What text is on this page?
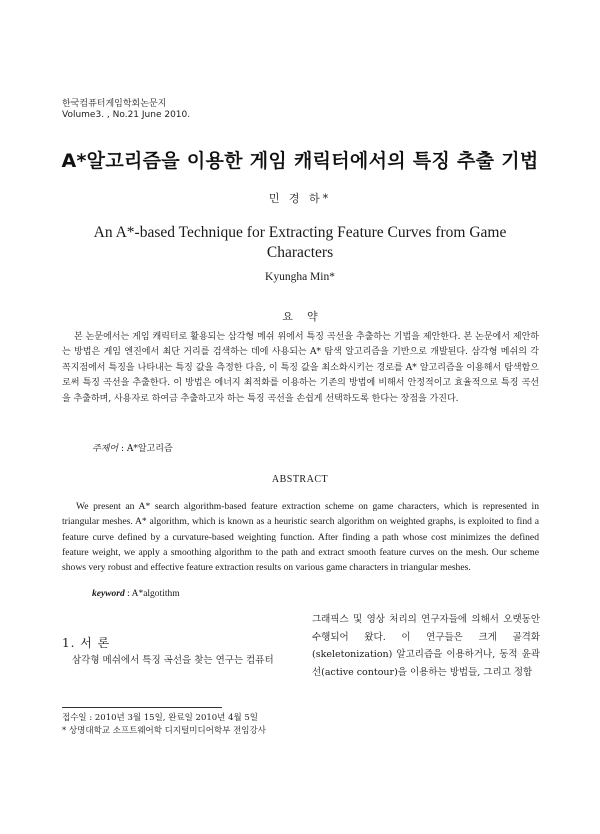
한국컴퓨터게임학회논문지
Volume3. , No.21 June 2010.
A*알고리즘을 이용한 게임 캐릭터에서의 특징 추출 기법
민 경 하*
An A*-based Technique for Extracting Feature Curves from Game Characters
Kyungha Min*
요약

본 논문에서는 게임 캐릭터로 활용되는 삼각형 메쉬 위에서 특징 곡선을 추출하는 기법을 제안한다. 본 논문에서 제안하는 방법은 게임 엔진에서 최단 거리를 검색하는 데에 사용되는 A* 탐색 알고리즘을 기반으로 개발된다. 삼각형 메쉬의 각 꼭지점에서 특징을 나타내는 특징 값을 측정한 다음, 이 특징 값을 최소화시키는 경로를 A* 알고리즘을 이용해서 탐색함으로써 특징 곡선을 추출한다. 이 방법은 에너지 최적화를 이용하는 기존의 방법에 비해서 안정적이고 효율적으로 특징 곡선을 추출하며, 사용자로 하여금 추출하고자 하는 특징 곡선을 손쉽게 선택하도록 한다는 장점을 가진다.

주제어 : A*알고리즘
ABSTRACT

We present an A* search algorithm-based feature extraction scheme on game characters, which is represented in triangular meshes. A* algorithm, which is known as a heuristic search algorithm on weighted graphs, is exploited to find a feature curve defined by a curvature-based weighting function. After finding a path whose cost minimizes the defined feature weight, we apply a smoothing algorithm to the path and extract smooth feature curves on the mesh. Our scheme shows very robust and effective feature extraction results on various game characters in triangular meshes.

keyword : A*algotithm
1. 서 론

삼각형 메쉬에서 특징 곡선을 찾는 연구는 컴퓨터

그래픽스 및 영상 처리의 연구자들에 의해서 오랫동안 수행되어 왔다. 이 연구들은 크게 골격화(skeletonization) 알고리즘을 이용하거나, 동적 윤곽선(active contour)을 이용하는 방법들, 그리고 정합

접수일 : 2010년 3월 15일, 완료일 2010년 4월 5일
* 상명대학교 소프트웨어학 디지털미디어학부 전임강사
